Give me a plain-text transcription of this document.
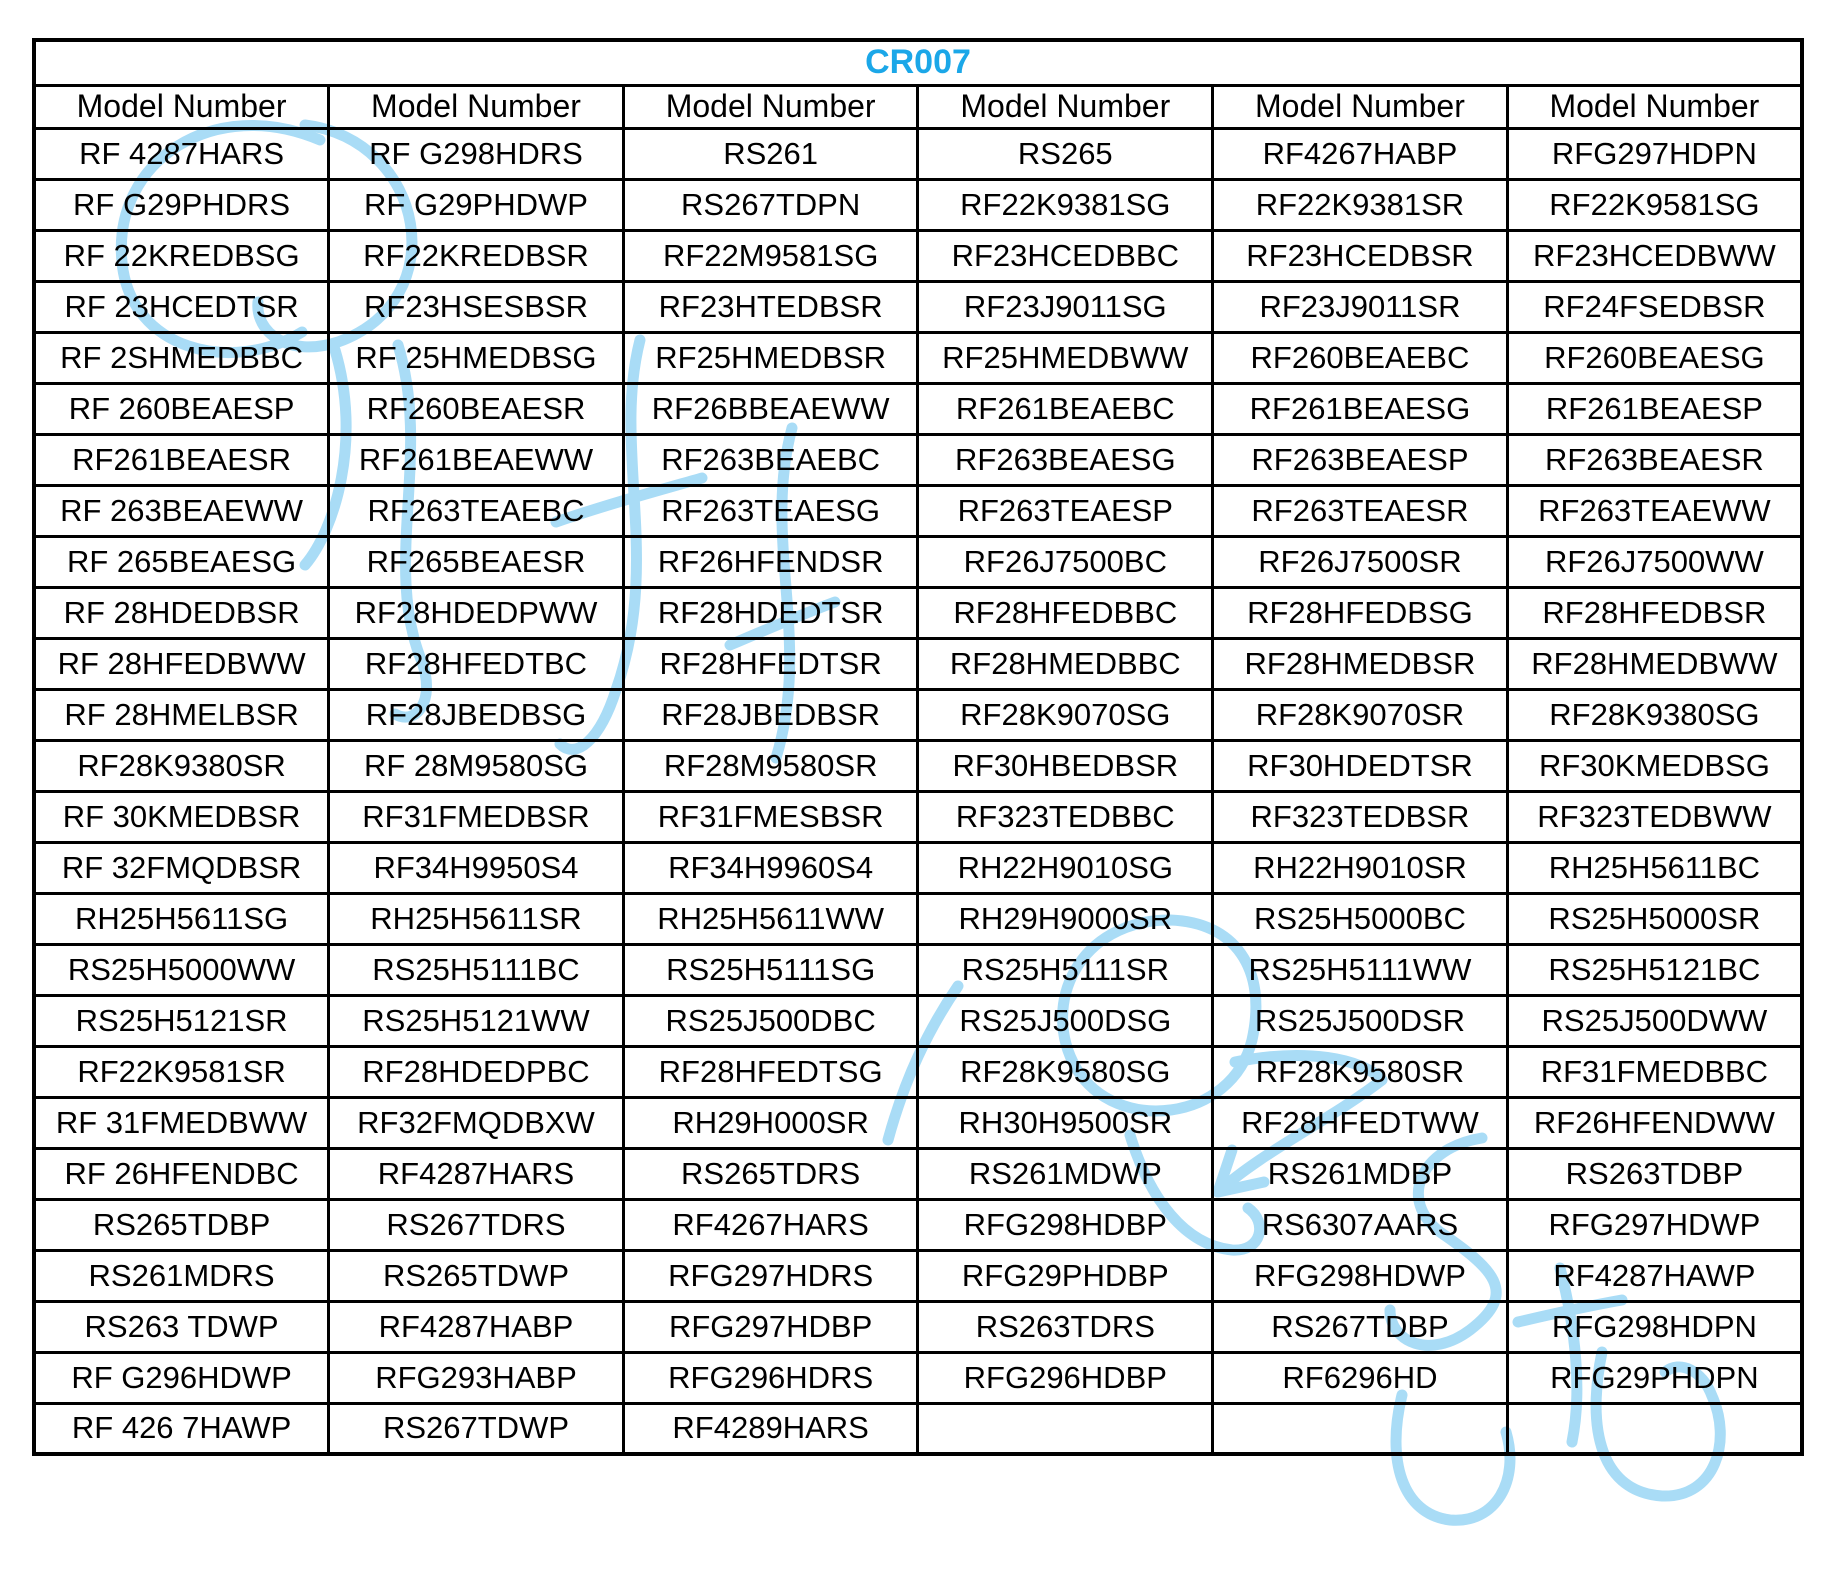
CR007					
Model Number	Model Number	Model Number	Model Number	Model Number	Model Number
RF 4287HARS	RF G298HDRS	RS261	RS265	RF4267HABP	RFG297HDPN
RF G29PHDRS	RF G29PHDWP	RS267TDPN	RF22K9381SG	RF22K9381SR	RF22K9581SG
RF 22KREDBSG	RF22KREDBSR	RF22M9581SG	RF23HCEDBBC	RF23HCEDBSR	RF23HCEDBWW
RF 23HCEDTSR	RF23HSESBSR	RF23HTEDBSR	RF23J9011SG	RF23J9011SR	RF24FSEDBSR
RF 2SHMEDBBC	RF 25HMEDBSG	RF25HMEDBSR	RF25HMEDBWW	RF260BEAEBC	RF260BEAESG
RF 260BEAESP	RF260BEAESR	RF26BBEAEWW	RF261BEAEBC	RF261BEAESG	RF261BEAESP
RF261BEAESR	RF261BEAEWW	RF263BEAEBC	RF263BEAESG	RF263BEAESP	RF263BEAESR
RF 263BEAEWW	RF263TEAEBC	RF263TEAESG	RF263TEAESP	RF263TEAESR	RF263TEAEWW
RF 265BEAESG	RF265BEAESR	RF26HFENDSR	RF26J7500BC	RF26J7500SR	RF26J7500WW
RF 28HDEDBSR	RF28HDEDPWW	RF28HDEDTSR	RF28HFEDBBC	RF28HFEDBSG	RF28HFEDBSR
RF 28HFEDBWW	RF28HFEDTBC	RF28HFEDTSR	RF28HMEDBBC	RF28HMEDBSR	RF28HMEDBWW
RF 28HMELBSR	RF28JBEDBSG	RF28JBEDBSR	RF28K9070SG	RF28K9070SR	RF28K9380SG
RF28K9380SR	RF 28M9580SG	RF28M9580SR	RF30HBEDBSR	RF30HDEDTSR	RF30KMEDBSG
RF 30KMEDBSR	RF31FMEDBSR	RF31FMESBSR	RF323TEDBBC	RF323TEDBSR	RF323TEDBWW
RF 32FMQDBSR	RF34H9950S4	RF34H9960S4	RH22H9010SG	RH22H9010SR	RH25H5611BC
RH25H5611SG	RH25H5611SR	RH25H5611WW	RH29H9000SR	RS25H5000BC	RS25H5000SR
RS25H5000WW	RS25H5111BC	RS25H5111SG	RS25H5111SR	RS25H5111WW	RS25H5121BC
RS25H5121SR	RS25H5121WW	RS25J500DBC	RS25J500DSG	RS25J500DSR	RS25J500DWW
RF22K9581SR	RF28HDEDPBC	RF28HFEDTSG	RF28K9580SG	RF28K9580SR	RF31FMEDBBC
RF 31FMEDBWW	RF32FMQDBXW	RH29H000SR	RH30H9500SR	RF28HFEDTWW	RF26HFENDWW
RF 26HFENDBC	RF4287HARS	RS265TDRS	RS261MDWP	RS261MDBP	RS263TDBP
RS265TDBP	RS267TDRS	RF4267HARS	RFG298HDBP	RS6307AARS	RFG297HDWP
RS261MDRS	RS265TDWP	RFG297HDRS	RFG29PHDBP	RFG298HDWP	RF4287HAWP
RS263 TDWP	RF4287HABP	RFG297HDBP	RS263TDRS	RS267TDBP	RFG298HDPN
RF G296HDWP	RFG293HABP	RFG296HDRS	RFG296HDBP	RF6296HD	RFG29PHDPN
RF 426 7HAWP	RS267TDWP	RF4289HARS			
